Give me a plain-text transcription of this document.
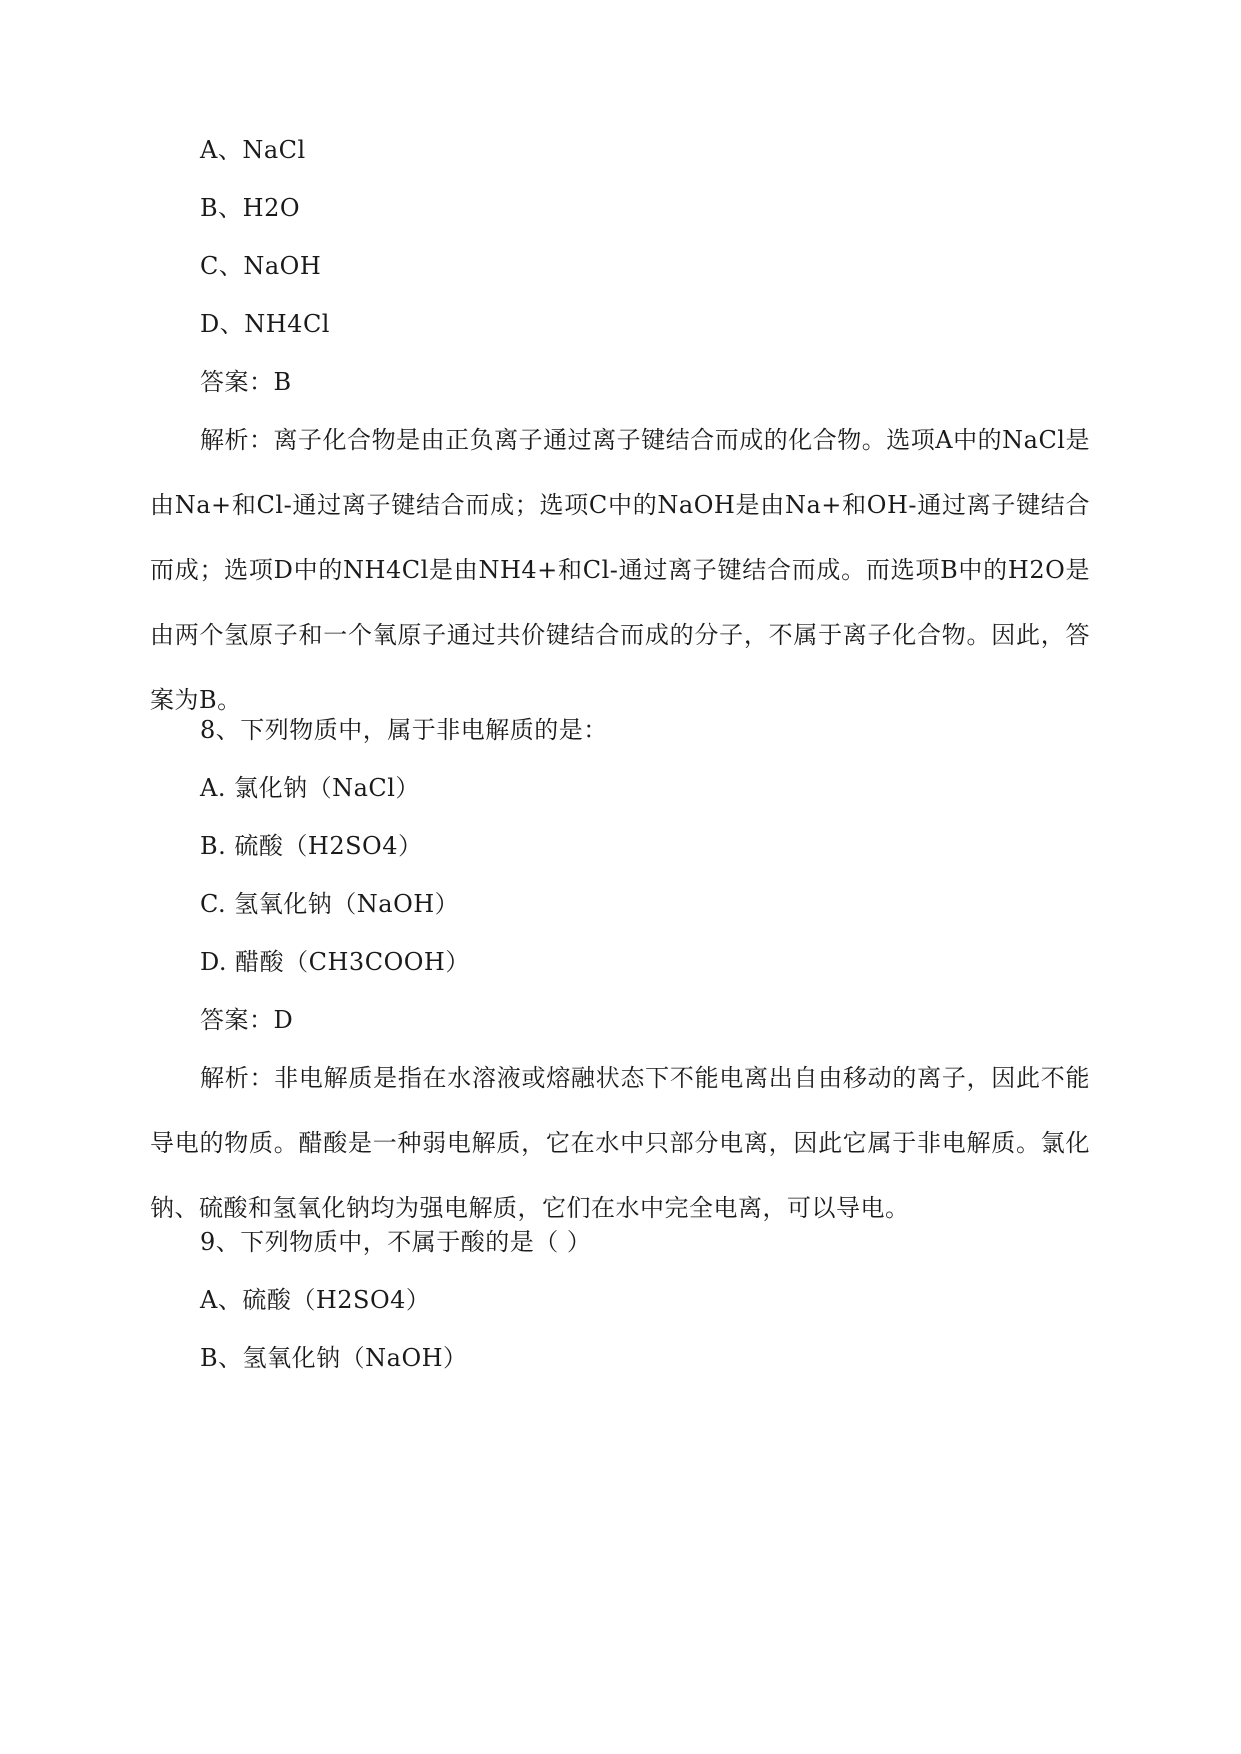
A、NaCl
B、H2O
C、NaOH
D、NH4Cl
答案：B
解析：离子化合物是由正负离子通过离子键结合而成的化合物。选项A中的NaCl是由Na+和Cl-通过离子键结合而成；选项C中的NaOH是由Na+和OH-通过离子键结合而成；选项D中的NH4Cl是由NH4+和Cl-通过离子键结合而成。而选项B中的H2O是由两个氢原子和一个氧原子通过共价键结合而成的分子，不属于离子化合物。因此，答案为B。
8、下列物质中，属于非电解质的是：
A. 氯化钠（NaCl）
B. 硫酸（H2SO4）
C. 氢氧化钠（NaOH）
D. 醋酸（CH3COOH）
答案：D
解析：非电解质是指在水溶液或熔融状态下不能电离出自由移动的离子，因此不能导电的物质。醋酸是一种弱电解质，它在水中只部分电离，因此它属于非电解质。氯化钠、硫酸和氢氧化钠均为强电解质，它们在水中完全电离，可以导电。
9、下列物质中，不属于酸的是（ ）
A、硫酸（H2SO4）
B、氢氧化钠（NaOH）
